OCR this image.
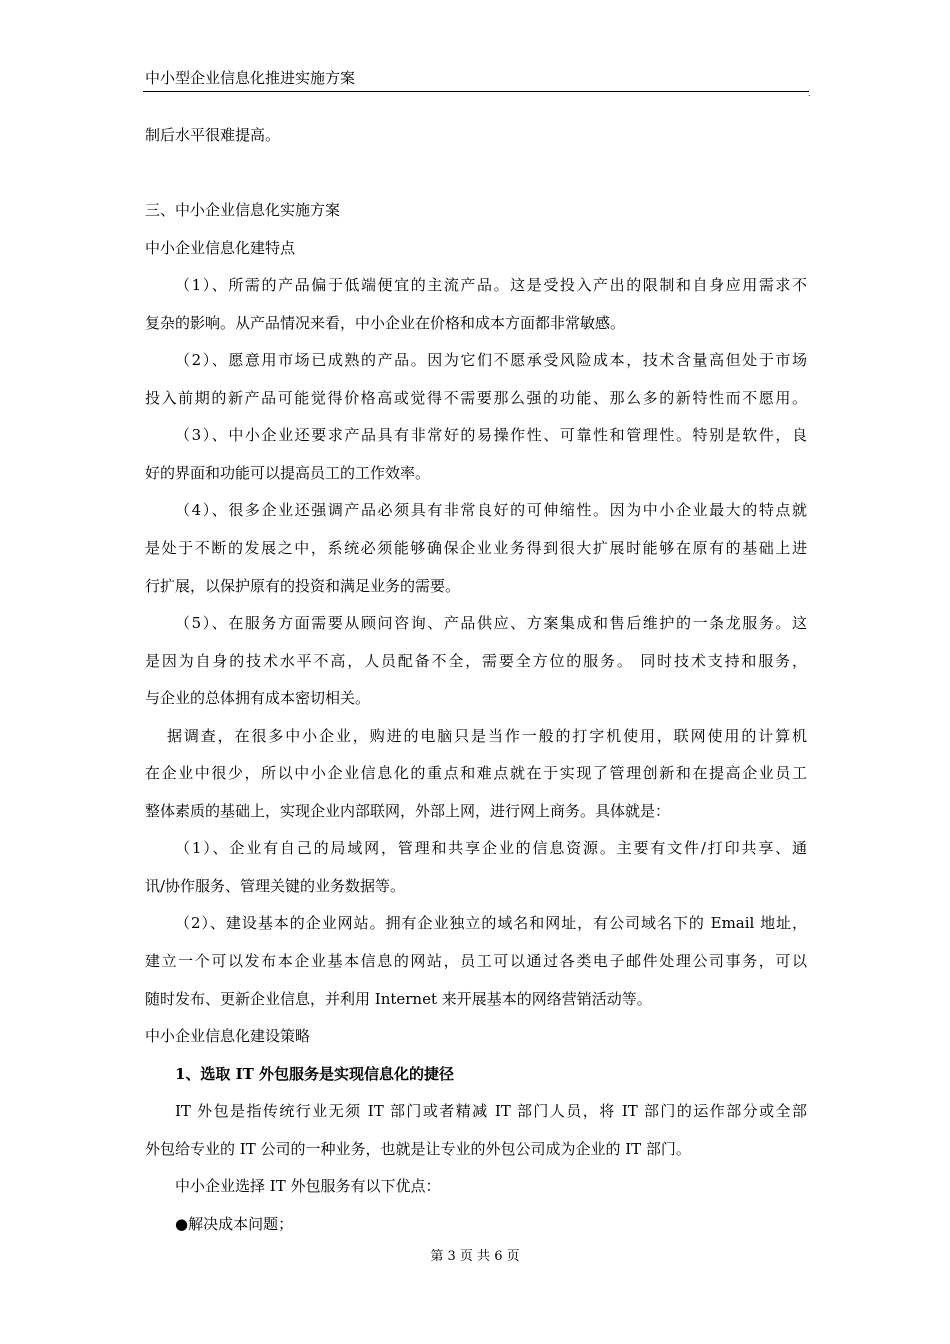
中小型企业信息化推进实施方案
.
制后水平很难提高。
三、中小企业信息化实施方案
中小企业信息化建特点
（1）、所需的产品偏于低端便宜的主流产品。这是受投入产出的限制和自身应用需求不
复杂的影响。从产品情况来看，中小企业在价格和成本方面都非常敏感。
（2）、愿意用市场已成熟的产品。因为它们不愿承受风险成本，技术含量高但处于市场
投入前期的新产品可能觉得价格高或觉得不需要那么强的功能、那么多的新特性而不愿用。
（3）、中小企业还要求产品具有非常好的易操作性、可靠性和管理性。特别是软件，良
好的界面和功能可以提高员工的工作效率。
（4）、很多企业还强调产品必须具有非常良好的可伸缩性。因为中小企业最大的特点就
是处于不断的发展之中，系统必须能够确保企业业务得到很大扩展时能够在原有的基础上进
行扩展，以保护原有的投资和满足业务的需要。
（5）、在服务方面需要从顾问咨询、产品供应、方案集成和售后维护的一条龙服务。这
是因为自身的技术水平不高，人员配备不全，需要全方位的服务。 同时技术支持和服务，
与企业的总体拥有成本密切相关。
据调查，在很多中小企业，购进的电脑只是当作一般的打字机使用，联网使用的计算机
在企业中很少，所以中小企业信息化的重点和难点就在于实现了管理创新和在提高企业员工
整体素质的基础上，实现企业内部联网，外部上网，进行网上商务。具体就是：
（1）、企业有自己的局域网，管理和共享企业的信息资源。主要有文件/打印共享、通
讯/协作服务、管理关键的业务数据等。
（2）、建设基本的企业网站。拥有企业独立的域名和网址，有公司域名下的 Email 地址，
建立一个可以发布本企业基本信息的网站，员工可以通过各类电子邮件处理公司事务，可以
随时发布、更新企业信息，并利用 Internet 来开展基本的网络营销活动等。
中小企业信息化建设策略
1、选取 IT 外包服务是实现信息化的捷径
IT 外包是指传统行业无须 IT 部门或者精减 IT 部门人员，将 IT 部门的运作部分或全部
外包给专业的 IT 公司的一种业务，也就是让专业的外包公司成为企业的 IT 部门。
中小企业选择 IT 外包服务有以下优点：
●解决成本问题；
第 3 页 共 6 页
